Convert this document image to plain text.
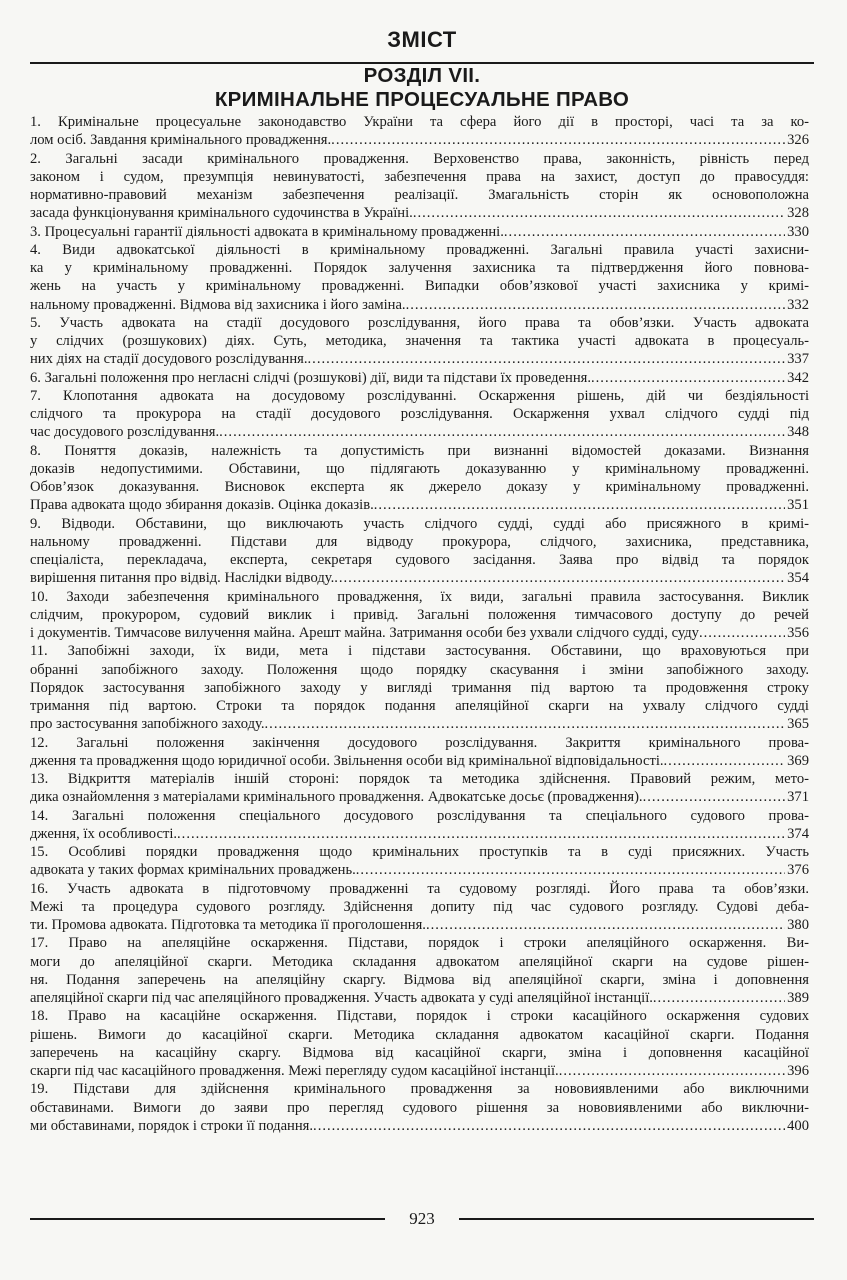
ЗМІСТ
РОЗДІЛ VII.
КРИМІНАЛЬНЕ ПРОЦЕСУАЛЬНЕ ПРАВО
1. Кримінальне процесуальне законодавство України та сфера його дії в просторі, часі та за ко-
лом осіб. Завдання кримінального провадження. .....	326
2. Загальні засади кримінального провадження. Верховенство права, законність, рівність перед
законом і судом, презумпція невинуватості, забезпечення права на захист, доступ до правосуддя:
нормативно-правовий механізм забезпечення реалізації. Змагальність сторін як основоположна
засада функціонування кримінального судочинства в Україні. .....	328
3. Процесуальні гарантії діяльності адвоката в кримінальному провадженні. .....	330
4. Види адвокатської діяльності в кримінальному провадженні. Загальні правила участі захисни-
ка у кримінальному провадженні. Порядок залучення захисника та підтвердження його повнова-
жень на участь у кримінальному провадженні. Випадки обов’язкової участі захисника у кримі-
нальному провадженні. Відмова від захисника і його заміна. .....	332
5. Участь адвоката на стадії досудового розслідування, його права та обов’язки. Участь адвоката
у слідчих (розшукових) діях. Суть, методика, значення та тактика участі адвоката в процесуаль-
них діях на стадії досудового розслідування. .....	337
6. Загальні положення про негласні слідчі (розшукові) дії, види та підстави їх проведення. .....	342
7. Клопотання адвоката на досудовому розслідуванні. Оскарження рішень, дій чи бездіяльності
слідчого та прокурора на стадії досудового розслідування. Оскарження ухвал слідчого судді під
час досудового розслідування. .....	348
8. Поняття доказів, належність та допустимість при визнанні відомостей доказами. Визнання
доказів недопустимими. Обставини, що підлягають доказуванню у кримінальному провадженні.
Обов’язок доказування. Висновок експерта як джерело доказу у кримінальному провадженні.
Права адвоката щодо збирання доказів. Оцінка доказів. .....	351
9. Відводи. Обставини, що виключають участь слідчого судді, судді або присяжного в кримі-
нальному провадженні. Підстави для відводу прокурора, слідчого, захисника, представника,
спеціаліста, перекладача, експерта, секретаря судового засідання. Заява про відвід та порядок
вирішення питання про відвід. Наслідки відводу. .....	354
10. Заходи забезпечення кримінального провадження, їх види, загальні правила застосування. Виклик
слідчим, прокурором, судовий виклик і привід. Загальні положення тимчасового доступу до речей
і документів. Тимчасове вилучення майна. Арешт майна. Затримання особи без ухвали слідчого судді, суду .....	356
11. Запобіжні заходи, їх види, мета і підстави застосування. Обставини, що враховуються при
обранні запобіжного заходу. Положення щодо порядку скасування і зміни запобіжного заходу.
Порядок застосування запобіжного заходу у вигляді тримання під вартою та продовження строку
тримання під вартою. Строки та порядок подання апеляційної скарги на ухвалу слідчого судді
про застосування запобіжного заходу. .....	365
12. Загальні положення закінчення досудового розслідування. Закриття кримінального прова-
дження та провадження щодо юридичної особи. Звільнення особи від кримінальної відповідальності. .....	369
13. Відкриття матеріалів іншій стороні: порядок та методика здійснення. Правовий режим, мето-
дика ознайомлення з матеріалами кримінального провадження. Адвокатське досьє (провадження). .....	371
14. Загальні положення спеціального досудового розслідування та спеціального судового прова-
дження, їх особливості. .....	374
15. Особливі порядки провадження щодо кримінальних проступків та в суді присяжних. Участь
адвоката у таких формах кримінальних проваджень. .....	376
16. Участь адвоката в підготовчому провадженні та судовому розгляді. Його права та обов’язки.
Межі та процедура судового розгляду. Здійснення допиту під час судового розгляду. Судові деба-
ти. Промова адвоката. Підготовка та методика її проголошення. .....	380
17. Право на апеляційне оскарження. Підстави, порядок і строки апеляційного оскарження. Ви-
моги до апеляційної скарги. Методика складання адвокатом апеляційної скарги на судове рішен-
ня. Подання заперечень на апеляційну скаргу. Відмова від апеляційної скарги, зміна і доповнення
апеляційної скарги під час апеляційного провадження. Участь адвоката у суді апеляційної інстанції. .....	389
18. Право на касаційне оскарження. Підстави, порядок і строки касаційного оскарження судових
рішень. Вимоги до касаційної скарги. Методика складання адвокатом касаційної скарги. Подання
заперечень на касаційну скаргу. Відмова від касаційної скарги, зміна і доповнення касаційної
скарги під час касаційного провадження. Межі перегляду судом касаційної інстанції. .....	396
19. Підстави для здійснення кримінального провадження за нововиявленими або виключними
обставинами. Вимоги до заяви про перегляд судового рішення за нововиявленими або виключни-
ми обставинами, порядок і строки її подання. .....	400
923
